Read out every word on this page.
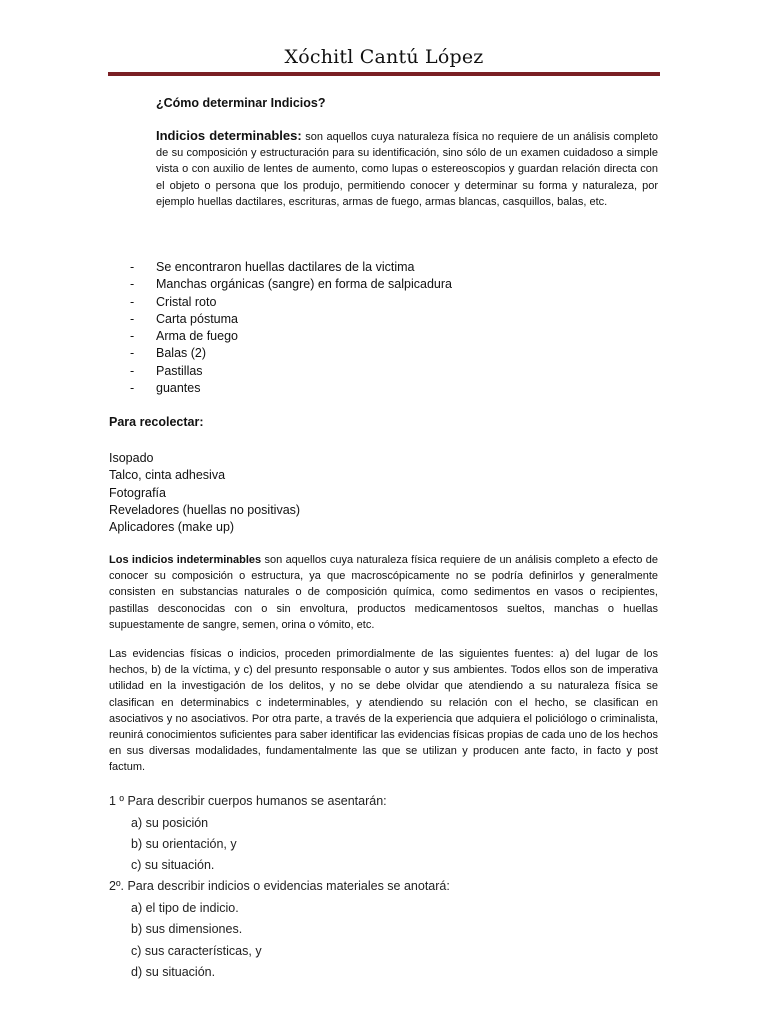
Xóchitl Cantú López
¿Cómo determinar Indicios?
Indicios determinables: son aquellos cuya naturaleza física no requiere de un análisis completo de su composición y estructuración para su identificación, sino sólo de un examen cuidadoso a simple vista o con auxilio de lentes de aumento, como lupas o estereoscopios y guardan relación directa con el objeto o persona que los produjo, permitiendo conocer y determinar su forma y naturaleza, por ejemplo huellas dactilares, escrituras, armas de fuego, armas blancas, casquillos, balas, etc.
- Se encontraron huellas dactilares de la victima
- Manchas orgánicas (sangre) en forma de salpicadura
- Cristal roto
- Carta póstuma
- Arma de fuego
- Balas (2)
- Pastillas
- guantes
Para recolectar:
Isopado
Talco, cinta adhesiva
Fotografía
Reveladores (huellas no positivas)
Aplicadores (make up)
Los indicios indeterminables son aquellos cuya naturaleza física requiere de un análisis completo a efecto de conocer su composición o estructura, ya que macroscópicamente no se podría definirlos y generalmente consisten en substancias naturales o de composición química, como sedimentos en vasos o recipientes, pastillas desconocidas con o sin envoltura, productos medicamentosos sueltos, manchas o huellas supuestamente de sangre, semen, orina o vómito, etc.
Las evidencias físicas o indicios, proceden primordialmente de las siguientes fuentes: a) del lugar de los hechos, b) de la víctima, y c) del presunto responsable o autor y sus ambientes. Todos ellos son de imperativa utilidad en la investigación de los delitos, y no se debe olvidar que atendiendo a su naturaleza física se clasifican en determinabics c indeterminables, y atendiendo su relación con el hecho, se clasifican en asociativos y no asociativos. Por otra parte, a través de la experiencia que adquiera el policiólogo o criminalista, reunirá conocimientos suficientes para saber identificar las evidencias físicas propias de cada uno de los hechos en sus diversas modalidades, fundamentalmente las que se utilizan y producen ante facto, in facto y post factum.
1 º Para describir cuerpos humanos se asentarán:
a) su posición
b) su orientación, y
c) su situación.
2º. Para describir indicios o evidencias materiales se anotará:
a) el tipo de indicio.
b) sus dimensiones.
c) sus características, y
d) su situación.
